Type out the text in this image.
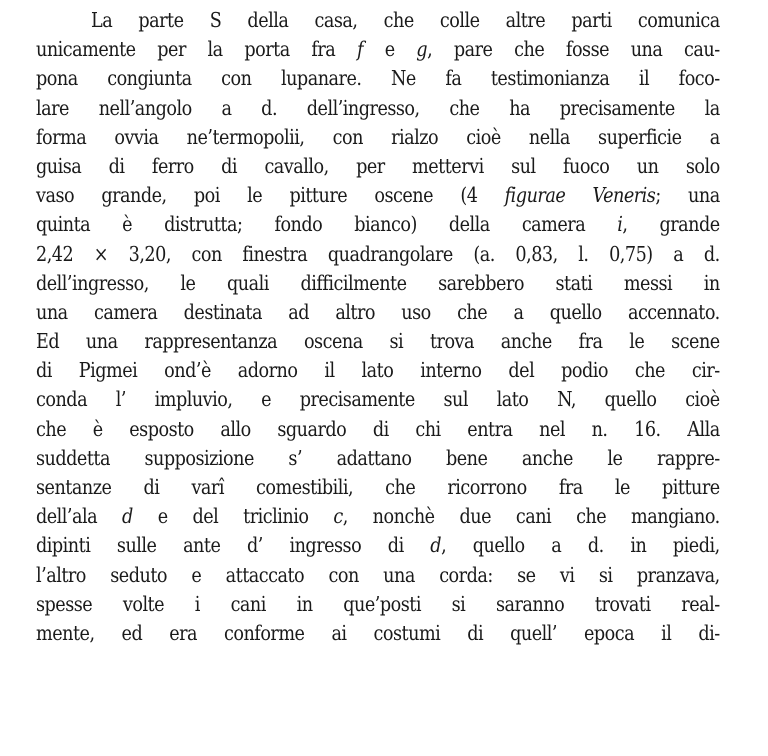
La parte S della casa, che colle altre parti comunica
unicamente per la porta fra f e g, pare che fosse una cau-
pona congiunta con lupanare. Ne fa testimonianza il foco-
lare nell’angolo a d. dell’ingresso, che ha precisamente la
forma ovvia ne’termopolii, con rialzo cioè nella superficie a
guisa di ferro di cavallo, per mettervi sul fuoco un solo
vaso grande, poi le pitture oscene (4 figurae Veneris; una
quinta è distrutta; fondo bianco) della camera i, grande
2,42 × 3,20, con finestra quadrangolare (a. 0,83, l. 0,75) a d.
dell’ingresso, le quali difficilmente sarebbero stati messi in
una camera destinata ad altro uso che a quello accennato.
Ed una rappresentanza oscena si trova anche fra le scene
di Pigmei ond’è adorno il lato interno del podio che cir-
conda l’ impluvio, e precisamente sul lato N, quello cioè
che è esposto allo sguardo di chi entra nel n. 16. Alla
suddetta supposizione s’ adattano bene anche le rappre-
sentanze di varî comestibili, che ricorrono fra le pitture
dell’ala d e del triclinio c, nonchè due cani che mangiano.
dipinti sulle ante d’ ingresso di d, quello a d. in piedi,
l’altro seduto e attaccato con una corda: se vi si pranzava,
spesse volte i cani in que’posti si saranno trovati real-
mente, ed era conforme ai costumi di quell’ epoca il di-
